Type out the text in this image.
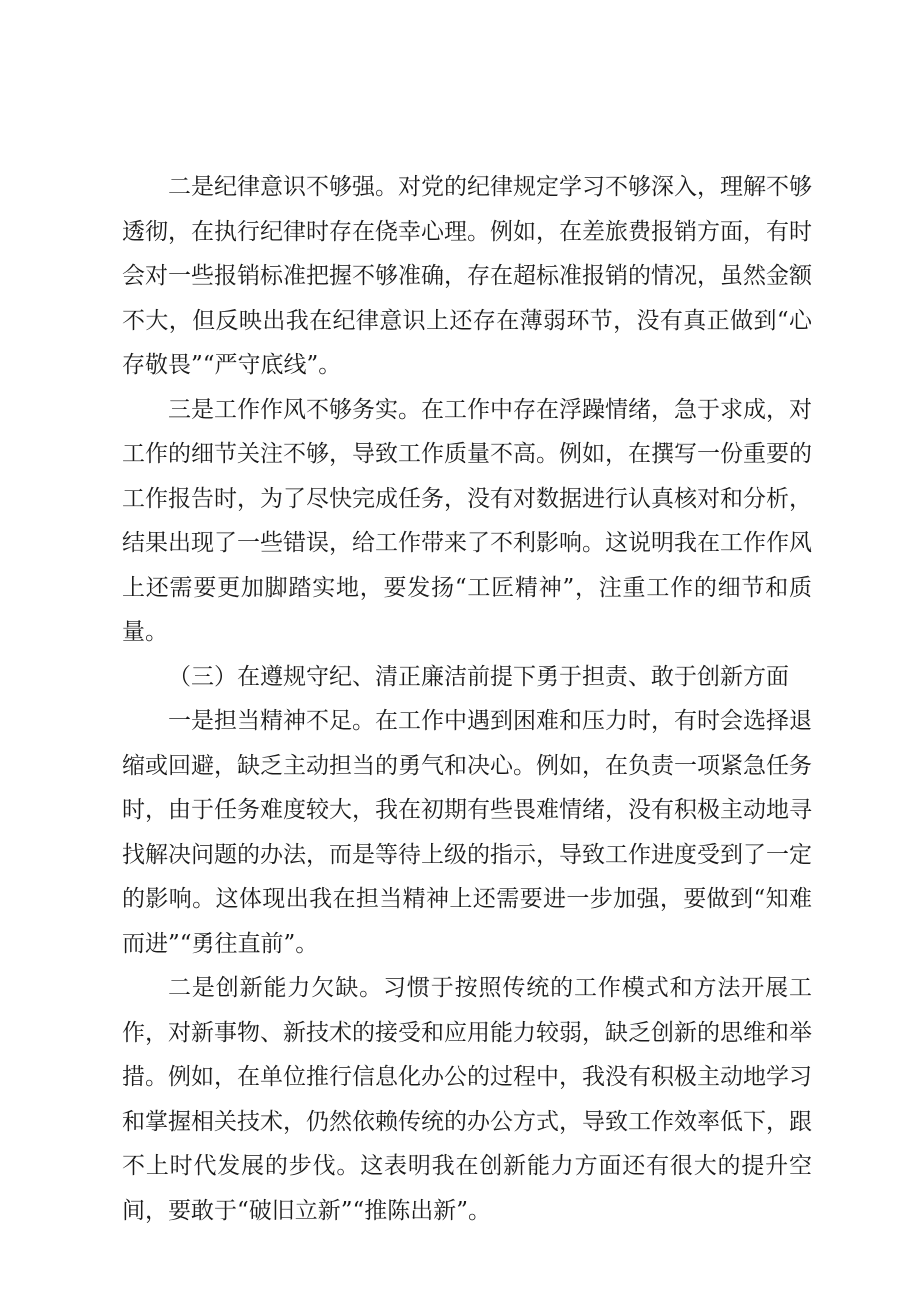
二是纪律意识不够强。对党的纪律规定学习不够深入，理解不够透彻，在执行纪律时存在侥幸心理。例如，在差旅费报销方面，有时会对一些报销标准把握不够准确，存在超标准报销的情况，虽然金额不大，但反映出我在纪律意识上还存在薄弱环节，没有真正做到“心存敬畏”“严守底线”。

三是工作作风不够务实。在工作中存在浮躁情绪，急于求成，对工作的细节关注不够，导致工作质量不高。例如，在撰写一份重要的工作报告时，为了尽快完成任务，没有对数据进行认真核对和分析，结果出现了一些错误，给工作带来了不利影响。这说明我在工作作风上还需要更加脚踏实地，要发扬“工匠精神”，注重工作的细节和质量。

（三）在遵规守纪、清正廉洁前提下勇于担责、敢于创新方面

一是担当精神不足。在工作中遇到困难和压力时，有时会选择退缩或回避，缺乏主动担当的勇气和决心。例如，在负责一项紧急任务时，由于任务难度较大，我在初期有些畏难情绪，没有积极主动地寻找解决问题的办法，而是等待上级的指示，导致工作进度受到了一定的影响。这体现出我在担当精神上还需要进一步加强，要做到“知难而进”“勇往直前”。

二是创新能力欠缺。习惯于按照传统的工作模式和方法开展工作，对新事物、新技术的接受和应用能力较弱，缺乏创新的思维和举措。例如，在单位推行信息化办公的过程中，我没有积极主动地学习和掌握相关技术，仍然依赖传统的办公方式，导致工作效率低下，跟不上时代发展的步伐。这表明我在创新能力方面还有很大的提升空间，要敢于“破旧立新”“推陈出新”。
